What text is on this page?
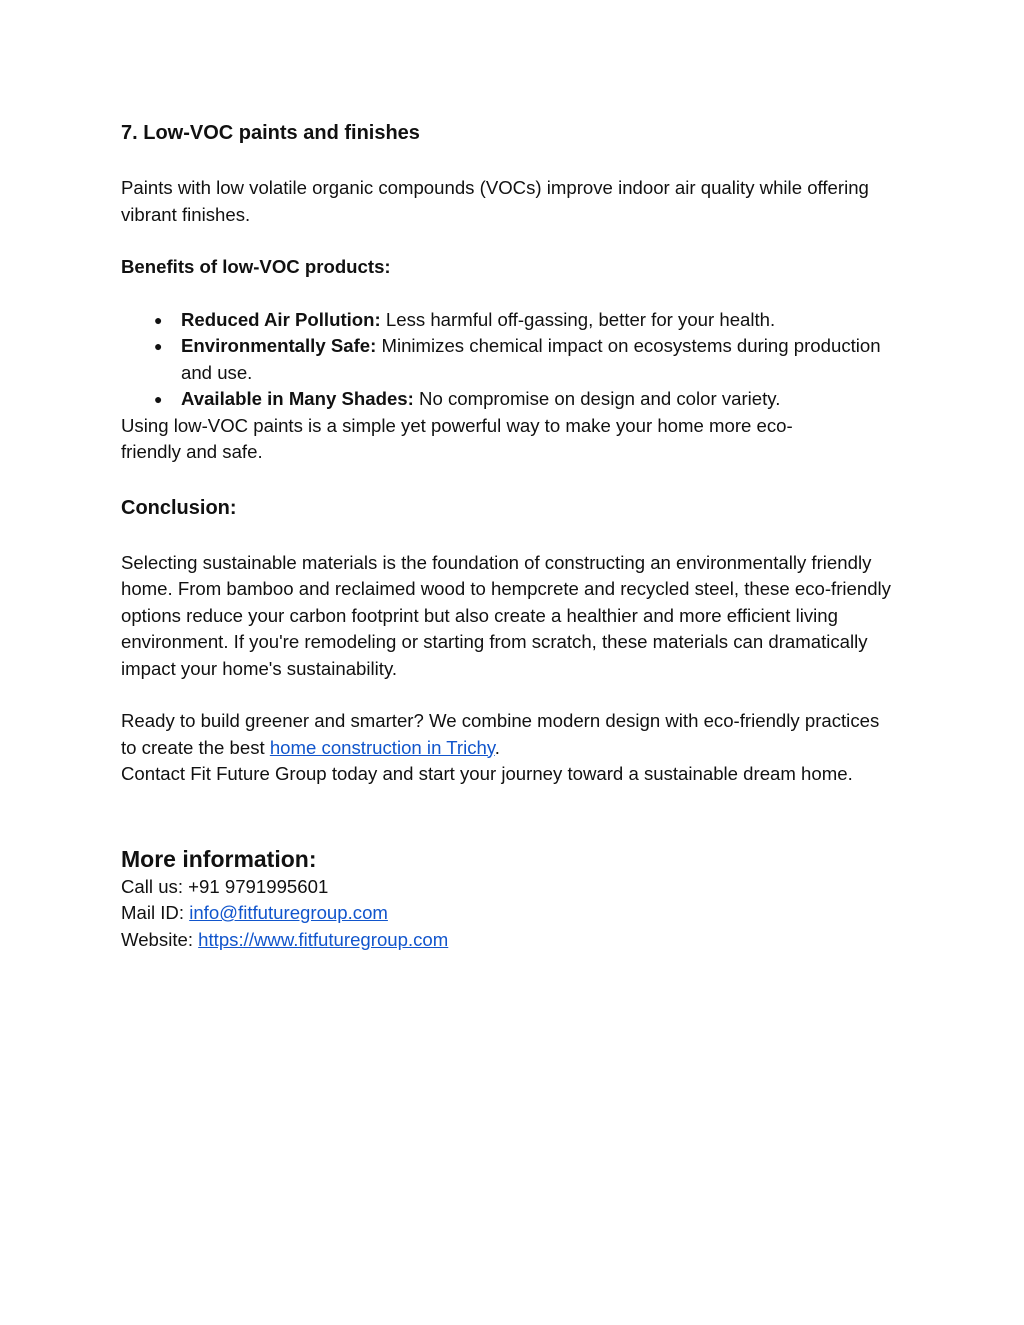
7. Low-VOC paints and finishes

Paints with low volatile organic compounds (VOCs) improve indoor air quality while offering vibrant finishes.

Benefits of low-VOC products:

● Reduced Air Pollution: Less harmful off-gassing, better for your health.
● Environmentally Safe: Minimizes chemical impact on ecosystems during production and use.
● Available in Many Shades: No compromise on design and color variety.

Using low-VOC paints is a simple yet powerful way to make your home more eco-friendly and safe.

Conclusion:

Selecting sustainable materials is the foundation of constructing an environmentally friendly home. From bamboo and reclaimed wood to hempcrete and recycled steel, these eco-friendly options reduce your carbon footprint but also create a healthier and more efficient living environment. If you're remodeling or starting from scratch, these materials can dramatically impact your home's sustainability.

Ready to build greener and smarter? We combine modern design with eco-friendly practices to create the best home construction in Trichy.

Contact Fit Future Group today and start your journey toward a sustainable dream home.

More information:

Call us: +91 9791995601

Mail ID: info@fitfuturegroup.com

Website: https://www.fitfuturegroup.com
